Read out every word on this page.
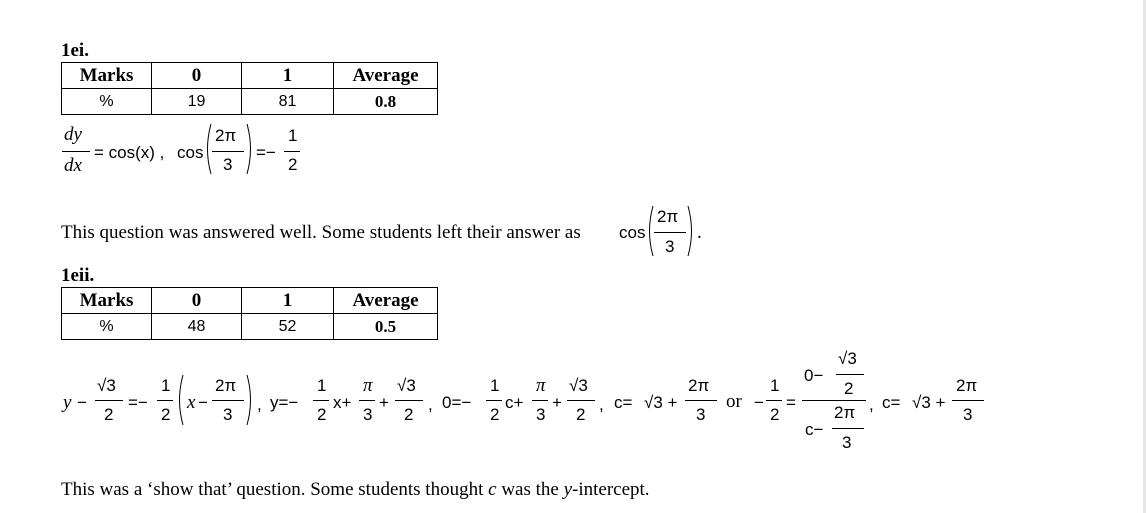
1ei.
Marks	0	1	Average
%	19	81	0.8
dy
dx
= cos(x) , cos
2π
3
=−
1
2
This question was answered well. Some students left their answer as cos
2π
3
.
1eii.
Marks	0	1	Average
%	48	52	0.5
y −
√3
2
=−
1
2
x −
2π
3
, y=−
1
2
x+
π
3
+
√3
2
, 0=−
1
2
c+
π
3
+
√3
2
, c= √3 +
2π
3
or −
1
2
=
0−
√3
2
c−
2π
3
, c= √3 +
2π
3
This was a ‘show that’ question. Some students thought c was the y-intercept.
